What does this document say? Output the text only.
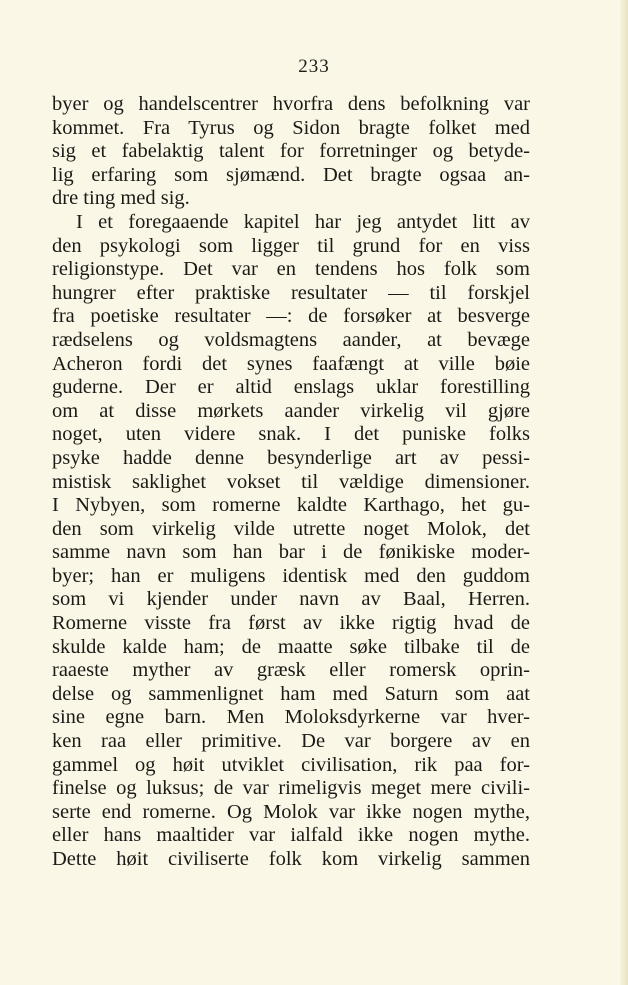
233
byer og handelscentrer hvorfra dens befolkning var
kommet. Fra Tyrus og Sidon bragte folket med
sig et fabelaktig talent for forretninger og betyde-
lig erfaring som sjømænd. Det bragte ogsaa an-
dre ting med sig.
I et foregaaende kapitel har jeg antydet litt av
den psykologi som ligger til grund for en viss
religionstype. Det var en tendens hos folk som
hungrer efter praktiske resultater — til forskjel
fra poetiske resultater —: de forsøker at besverge
rædselens og voldsmagtens aander, at bevæge
Acheron fordi det synes faafængt at ville bøie
guderne. Der er altid enslags uklar forestilling
om at disse mørkets aander virkelig vil gjøre
noget, uten videre snak. I det puniske folks
psyke hadde denne besynderlige art av pessi-
mistisk saklighet vokset til vældige dimensioner.
I Nybyen, som romerne kaldte Karthago, het gu-
den som virkelig vilde utrette noget Molok, det
samme navn som han bar i de fønikiske moder-
byer; han er muligens identisk med den guddom
som vi kjender under navn av Baal, Herren.
Romerne visste fra først av ikke rigtig hvad de
skulde kalde ham; de maatte søke tilbake til de
raaeste myther av græsk eller romersk oprin-
delse og sammenlignet ham med Saturn som aat
sine egne barn. Men Moloksdyrkerne var hver-
ken raa eller primitive. De var borgere av en
gammel og høit utviklet civilisation, rik paa for-
finelse og luksus; de var rimeligvis meget mere civili-
serte end romerne. Og Molok var ikke nogen mythe,
eller hans maaltider var ialfald ikke nogen mythe.
Dette høit civiliserte folk kom virkelig sammen
